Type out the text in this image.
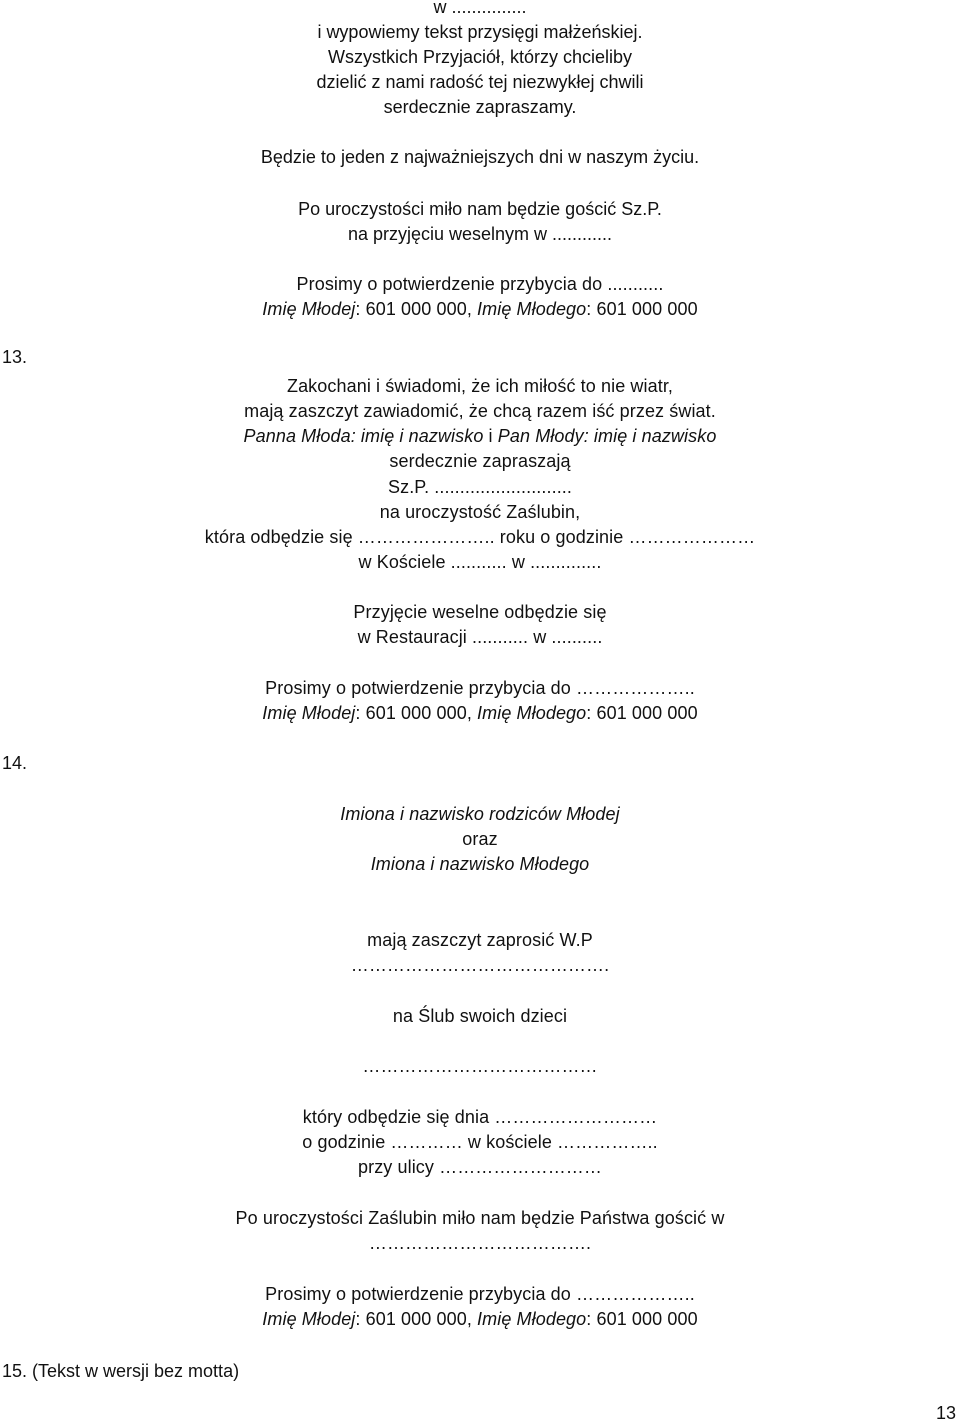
w ...............
i wypowiemy tekst przysięgi małżeńskiej.
Wszystkich Przyjaciół, którzy chcieliby
dzielić z nami radość tej niezwykłej chwili
serdecznie zapraszamy.
Będzie to jeden z najważniejszych dni w naszym życiu.
Po uroczystości miło nam będzie gościć Sz.P.
na przyjęciu weselnym w ............
Prosimy o potwierdzenie przybycia do ...........
Imię Młodej: 601 000 000, Imię Młodego: 601 000 000
13.
Zakochani i świadomi, że ich miłość to nie wiatr,
mają zaszczyt zawiadomić, że chcą razem iść przez świat.
Panna Młoda: imię i nazwisko i Pan Młody: imię i nazwisko
serdecznie zapraszają
Sz.P. ...........................
na uroczystość Zaślubin,
która odbędzie się ………………….. roku o godzinie …………………
w Kościele ........... w ..............
Przyjęcie weselne odbędzie się
w Restauracji ........... w ..........
Prosimy o potwierdzenie przybycia do ………………..
Imię Młodej: 601 000 000, Imię Młodego: 601 000 000
14.
Imiona i nazwisko rodziców Młodej
oraz
Imiona i nazwisko Młodego
mają zaszczyt zaprosić W.P
…………………………………….
na Ślub swoich dzieci
…………………………………
który odbędzie się dnia ………………………
o godzinie ………… w kościele ……………..
przy ulicy ………………………
Po uroczystości Zaślubin miło nam będzie Państwa gościć w
……………………………….
Prosimy o potwierdzenie przybycia do ………………..
Imię Młodej: 601 000 000, Imię Młodego: 601 000 000
15. (Tekst w wersji bez motta)
13
